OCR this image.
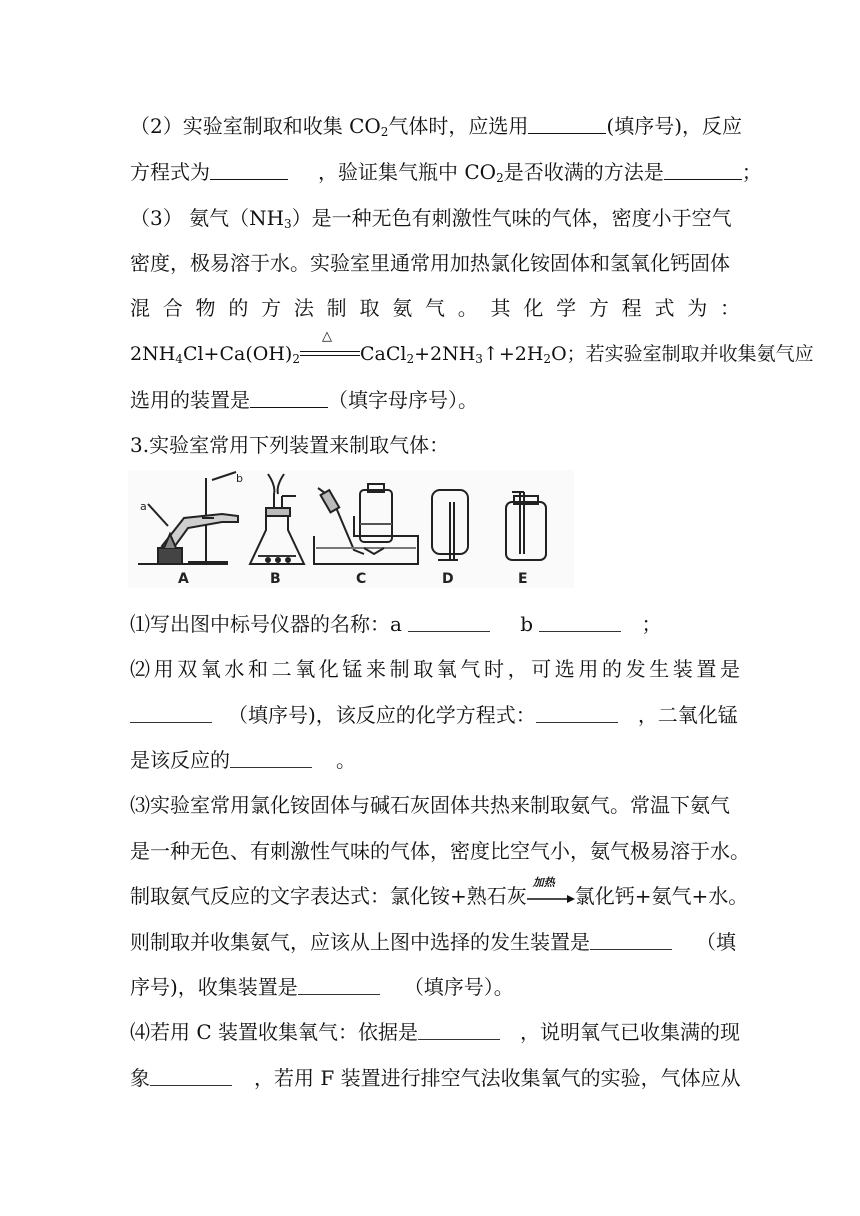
（2）实验室制取和收集 $CO_2$气体时，应选用	(填序号)，反应
方程式为	，验证集气瓶中 $CO_2$是否收满的方法是	；
（3） 氨气$(NH_3)$是一种无色有刺激性气味的气体，密度小于空气
密度，极易溶于水。实验室里通常用加热氯化铵固体和氢氧化钙固体
混合物的方法制取氨气。其化学方程式为：
$2NH_4Cl+Ca(OH)_2$
△
$CaCl_2+2NH_3↑+2H_2O$；若实验室制取并收集氨气应
选用的装置是	（填字母序号）。
3.实验室常用下列装置来制取气体：
a
b
A	B	C	D	E
⑴写出图中标号仪器的名称：a	b	；
⑵用双氧水和二氧化锰来制取氧气时，可选用的发生装置是
（填序号)，该反应的化学方程式：	，二氧化锰
是该反应的	。
⑶实验室常用氯化铵固体与碱石灰固体共热来制取氨气。常温下氨气
是一种无色、有刺激性气味的气体，密度比空气小，氨气极易溶于水。
制取氨气反应的文字表达式：氯化铵+熟石灰
加热
氯化钙+氨气+水。
则制取并收集氨气，应该从上图中选择的发生装置是	（填
序号)，收集装置是	（填序号）。
⑷若用 C 装置收集氧气：依据是	，说明氧气已收集满的现
象	，若用 F 装置进行排空气法收集氧气的实验，气体应从
